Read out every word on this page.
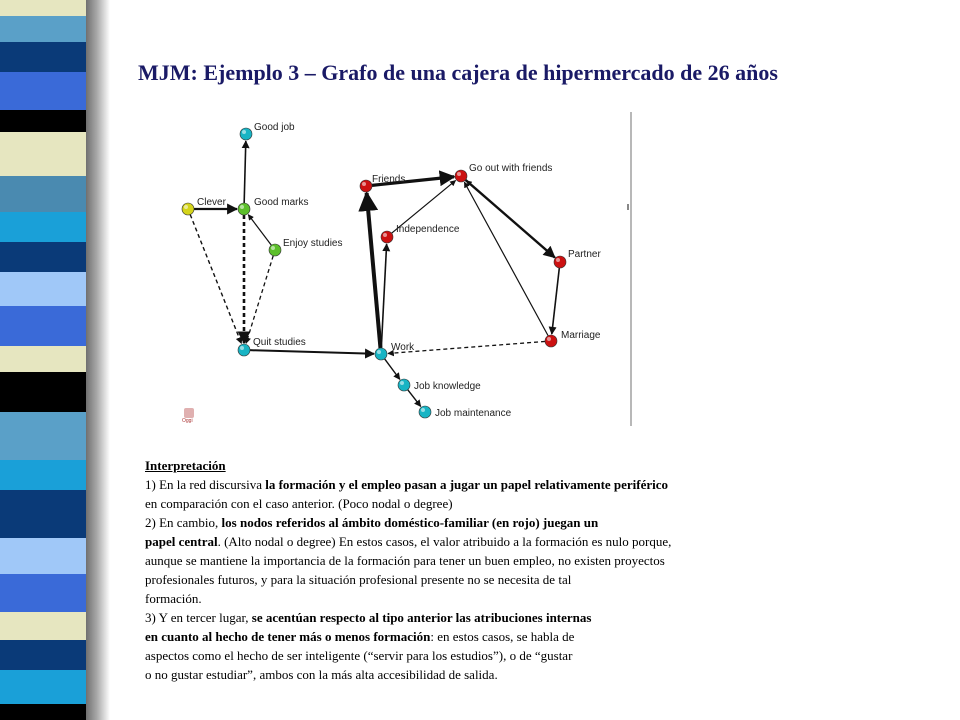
MJM: Ejemplo 3 – Grafo de una cajera de hipermercado de 26 años
Good job
Clever	Good marks
Enjoy studies
Quit studies	Work
Job knowledge
Job maintenance
Friends
Go out with friends
Independence
Partner
Marriage
Oggi

Interpretación

1) En la red discursiva la formación y el empleo pasan a jugar un papel relativamente periférico

en comparación con el caso anterior. (Poco nodal o degree)

2) En cambio, los nodos referidos al ámbito doméstico-familiar (en rojo) juegan un

papel central. (Alto nodal o degree) En estos casos, el valor atribuido a la formación es nulo porque,

aunque se mantiene la importancia de la formación para tener un buen empleo, no existen proyectos

profesionales futuros, y para la situación profesional presente no se necesita de tal

formación.

3) Y en tercer lugar, se acentúan respecto al tipo anterior las atribuciones internas

en cuanto al hecho de tener más o menos formación: en estos casos, se habla de

aspectos como el hecho de ser inteligente (“servir para los estudios”), o de “gustar

o no gustar estudiar”, ambos con la más alta accesibilidad de salida.
